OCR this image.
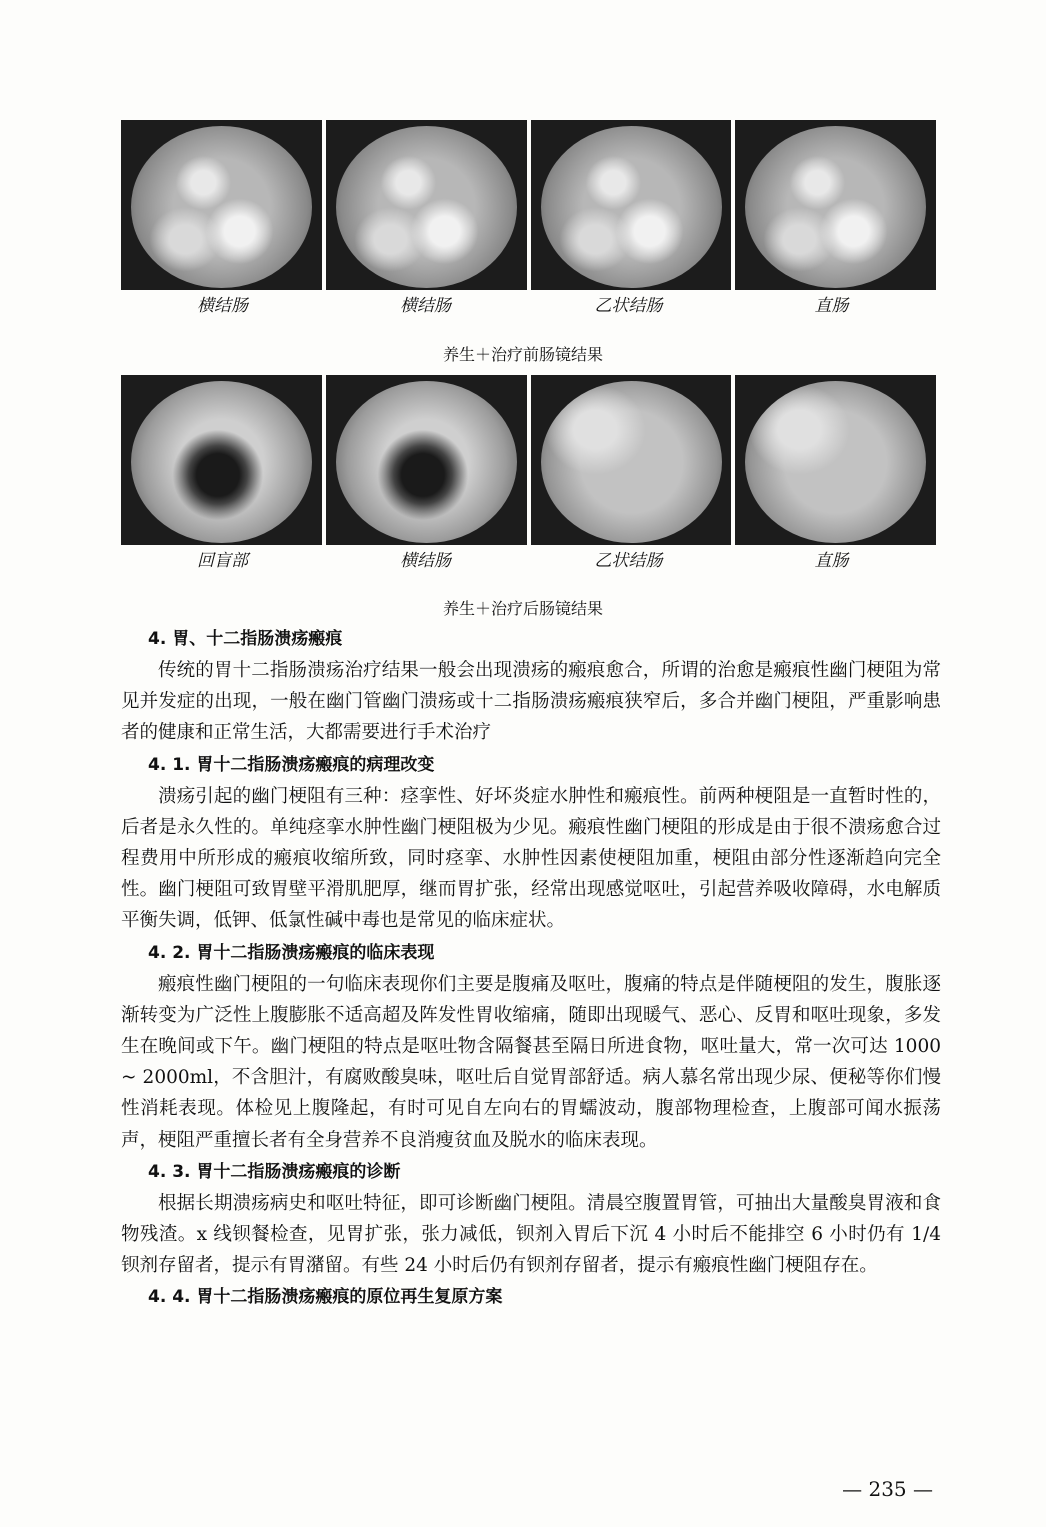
横结肠	横结肠	乙状结肠	直肠
养生＋治疗前肠镜结果
回盲部	横结肠	乙状结肠	直肠
养生＋治疗后肠镜结果
4. 胃、十二指肠溃疡瘢痕

传统的胃十二指肠溃疡治疗结果一般会出现溃疡的瘢痕愈合，所谓的治愈是瘢痕性幽门梗阻为常见并发症的出现，一般在幽门管幽门溃疡或十二指肠溃疡瘢痕狭窄后，多合并幽门梗阻，严重影响患者的健康和正常生活，大都需要进行手术治疗

4. 1. 胃十二指肠溃疡瘢痕的病理改变

溃疡引起的幽门梗阻有三种：痉挛性、好坏炎症水肿性和瘢痕性。前两种梗阻是一直暂时性的，后者是永久性的。单纯痉挛水肿性幽门梗阻极为少见。瘢痕性幽门梗阻的形成是由于很不溃疡愈合过程费用中所形成的瘢痕收缩所致，同时痉挛、水肿性因素使梗阻加重，梗阻由部分性逐渐趋向完全性。幽门梗阻可致胃壁平滑肌肥厚，继而胃扩张，经常出现感觉呕吐，引起营养吸收障碍，水电解质平衡失调，低钾、低氯性碱中毒也是常见的临床症状。

4. 2. 胃十二指肠溃疡瘢痕的临床表现

瘢痕性幽门梗阻的一句临床表现你们主要是腹痛及呕吐，腹痛的特点是伴随梗阻的发生，腹胀逐渐转变为广泛性上腹膨胀不适高超及阵发性胃收缩痛，随即出现暖气、恶心、反胃和呕吐现象，多发生在晚间或下午。幽门梗阻的特点是呕吐物含隔餐甚至隔日所进食物，呕吐量大，常一次可达 1000 ~ 2000ml，不含胆汁，有腐败酸臭味，呕吐后自觉胃部舒适。病人慕名常出现少尿、便秘等你们慢性消耗表现。体检见上腹隆起，有时可见自左向右的胃蠕波动，腹部物理检查，上腹部可闻水振荡声，梗阻严重擅长者有全身营养不良消瘦贫血及脱水的临床表现。

4. 3. 胃十二指肠溃疡瘢痕的诊断

根据长期溃疡病史和呕吐特征，即可诊断幽门梗阻。清晨空腹置胃管，可抽出大量酸臭胃液和食物残渣。x 线钡餐检查，见胃扩张，张力减低，钡剂入胃后下沉 4 小时后不能排空 6 小时仍有 1/4 钡剂存留者，提示有胃潴留。有些 24 小时后仍有钡剂存留者，提示有瘢痕性幽门梗阻存在。

4. 4. 胃十二指肠溃疡瘢痕的原位再生复原方案
— 235 —
